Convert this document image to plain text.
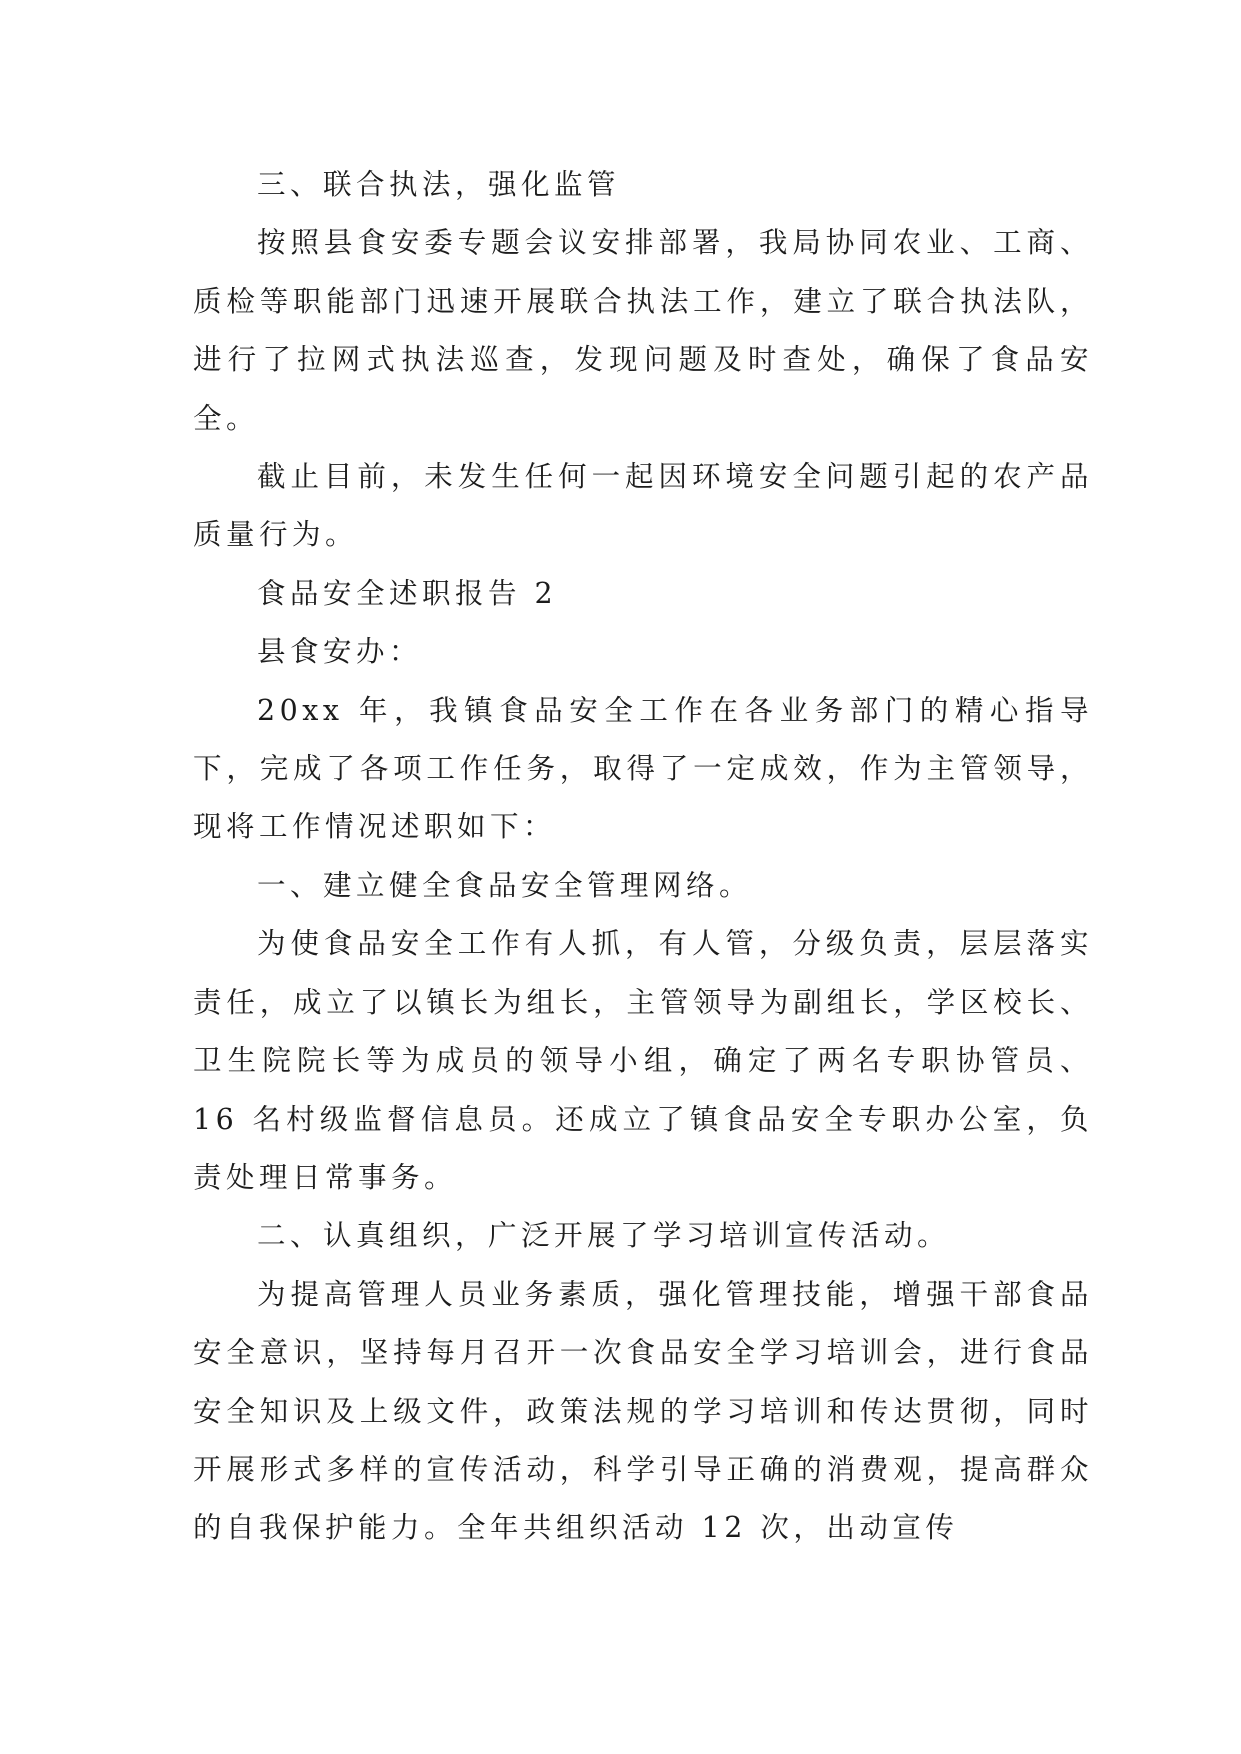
三、联合执法，强化监管

按照县食安委专题会议安排部署，我局协同农业、工商、质检等职能部门迅速开展联合执法工作，建立了联合执法队，进行了拉网式执法巡查，发现问题及时查处，确保了食品安全。

截止目前，未发生任何一起因环境安全问题引起的农产品质量行为。

食品安全述职报告 2

县食安办：

20xx 年，我镇食品安全工作在各业务部门的精心指导下，完成了各项工作任务，取得了一定成效，作为主管领导，现将工作情况述职如下：

一、建立健全食品安全管理网络。

为使食品安全工作有人抓，有人管，分级负责，层层落实责任，成立了以镇长为组长，主管领导为副组长，学区校长、卫生院院长等为成员的领导小组，确定了两名专职协管员、16 名村级监督信息员。还成立了镇食品安全专职办公室，负责处理日常事务。

二、认真组织，广泛开展了学习培训宣传活动。

为提高管理人员业务素质，强化管理技能，增强干部食品安全意识，坚持每月召开一次食品安全学习培训会，进行食品安全知识及上级文件，政策法规的学习培训和传达贯彻，同时开展形式多样的宣传活动，科学引导正确的消费观，提高群众的自我保护能力。全年共组织活动 12 次，出动宣传
